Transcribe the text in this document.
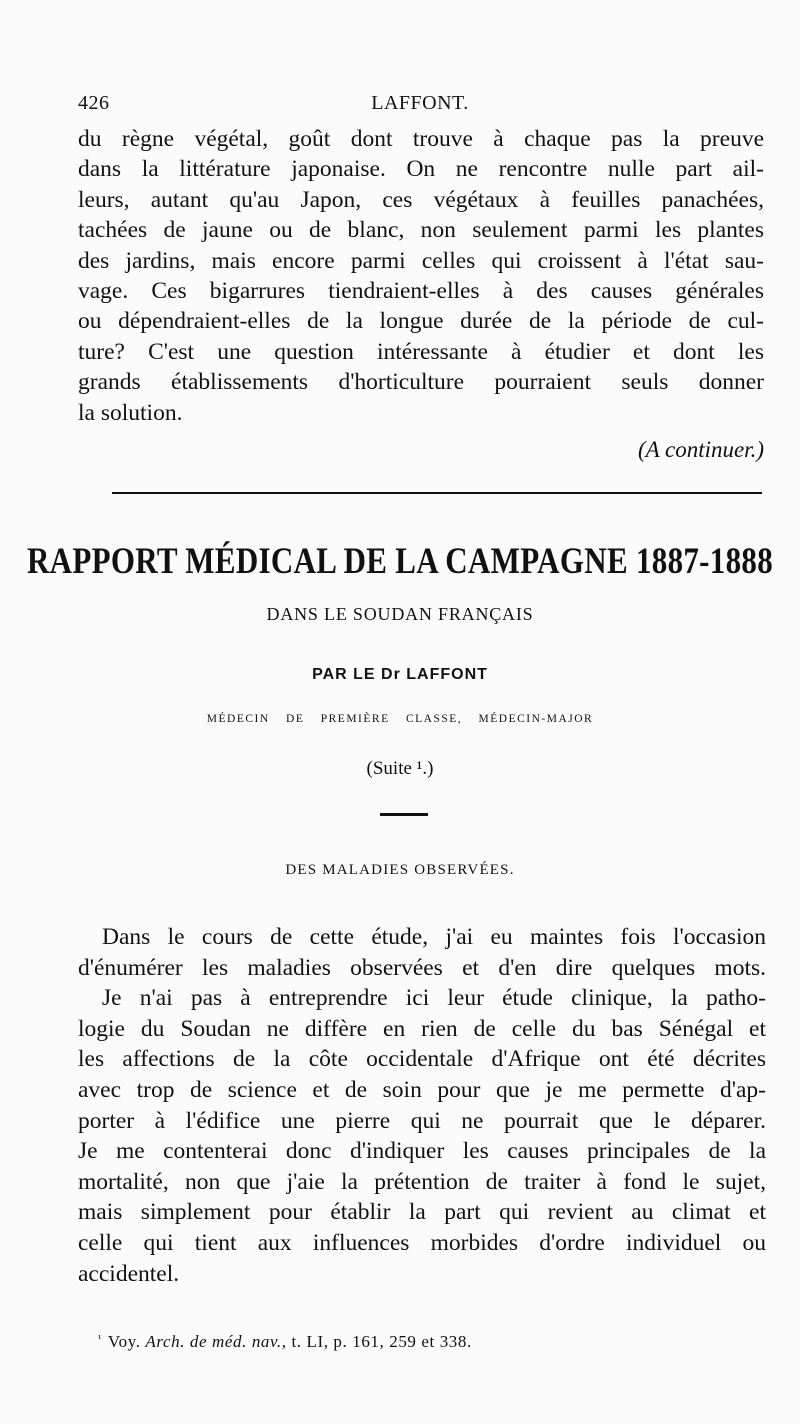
426	LAFFONT.
du règne végétal, goût dont trouve à chaque pas la preuve
dans la littérature japonaise. On ne rencontre nulle part ail-
leurs, autant qu'au Japon, ces végétaux à feuilles panachées,
tachées de jaune ou de blanc, non seulement parmi les plantes
des jardins, mais encore parmi celles qui croissent à l'état sau-
vage. Ces bigarrures tiendraient-elles à des causes générales
ou dépendraient-elles de la longue durée de la période de cul-
ture? C'est une question intéressante à étudier et dont les
grands établissements d'horticulture pourraient seuls donner
la solution.
(A continuer.)
RAPPORT MÉDICAL DE LA CAMPAGNE 1887-1888
DANS LE SOUDAN FRANÇAIS
PAR LE Dr LAFFONT
MÉDECIN DE PREMIÈRE CLASSE, MÉDECIN-MAJOR
(Suite ¹.)
DES MALADIES OBSERVÉES.
Dans le cours de cette étude, j'ai eu maintes fois l'occasion
d'énumérer les maladies observées et d'en dire quelques mots.
Je n'ai pas à entreprendre ici leur étude clinique, la patho-
logie du Soudan ne diffère en rien de celle du bas Sénégal et
les affections de la côte occidentale d'Afrique ont été décrites
avec trop de science et de soin pour que je me permette d'ap-
porter à l'édifice une pierre qui ne pourrait que le déparer.
Je me contenterai donc d'indiquer les causes principales de la
mortalité, non que j'aie la prétention de traiter à fond le sujet,
mais simplement pour établir la part qui revient au climat et
celle qui tient aux influences morbides d'ordre individuel ou
accidentel.
$^{^1}$ Voy. Arch. de méd. nav., t. LI, p. 161, 259 et 338.
